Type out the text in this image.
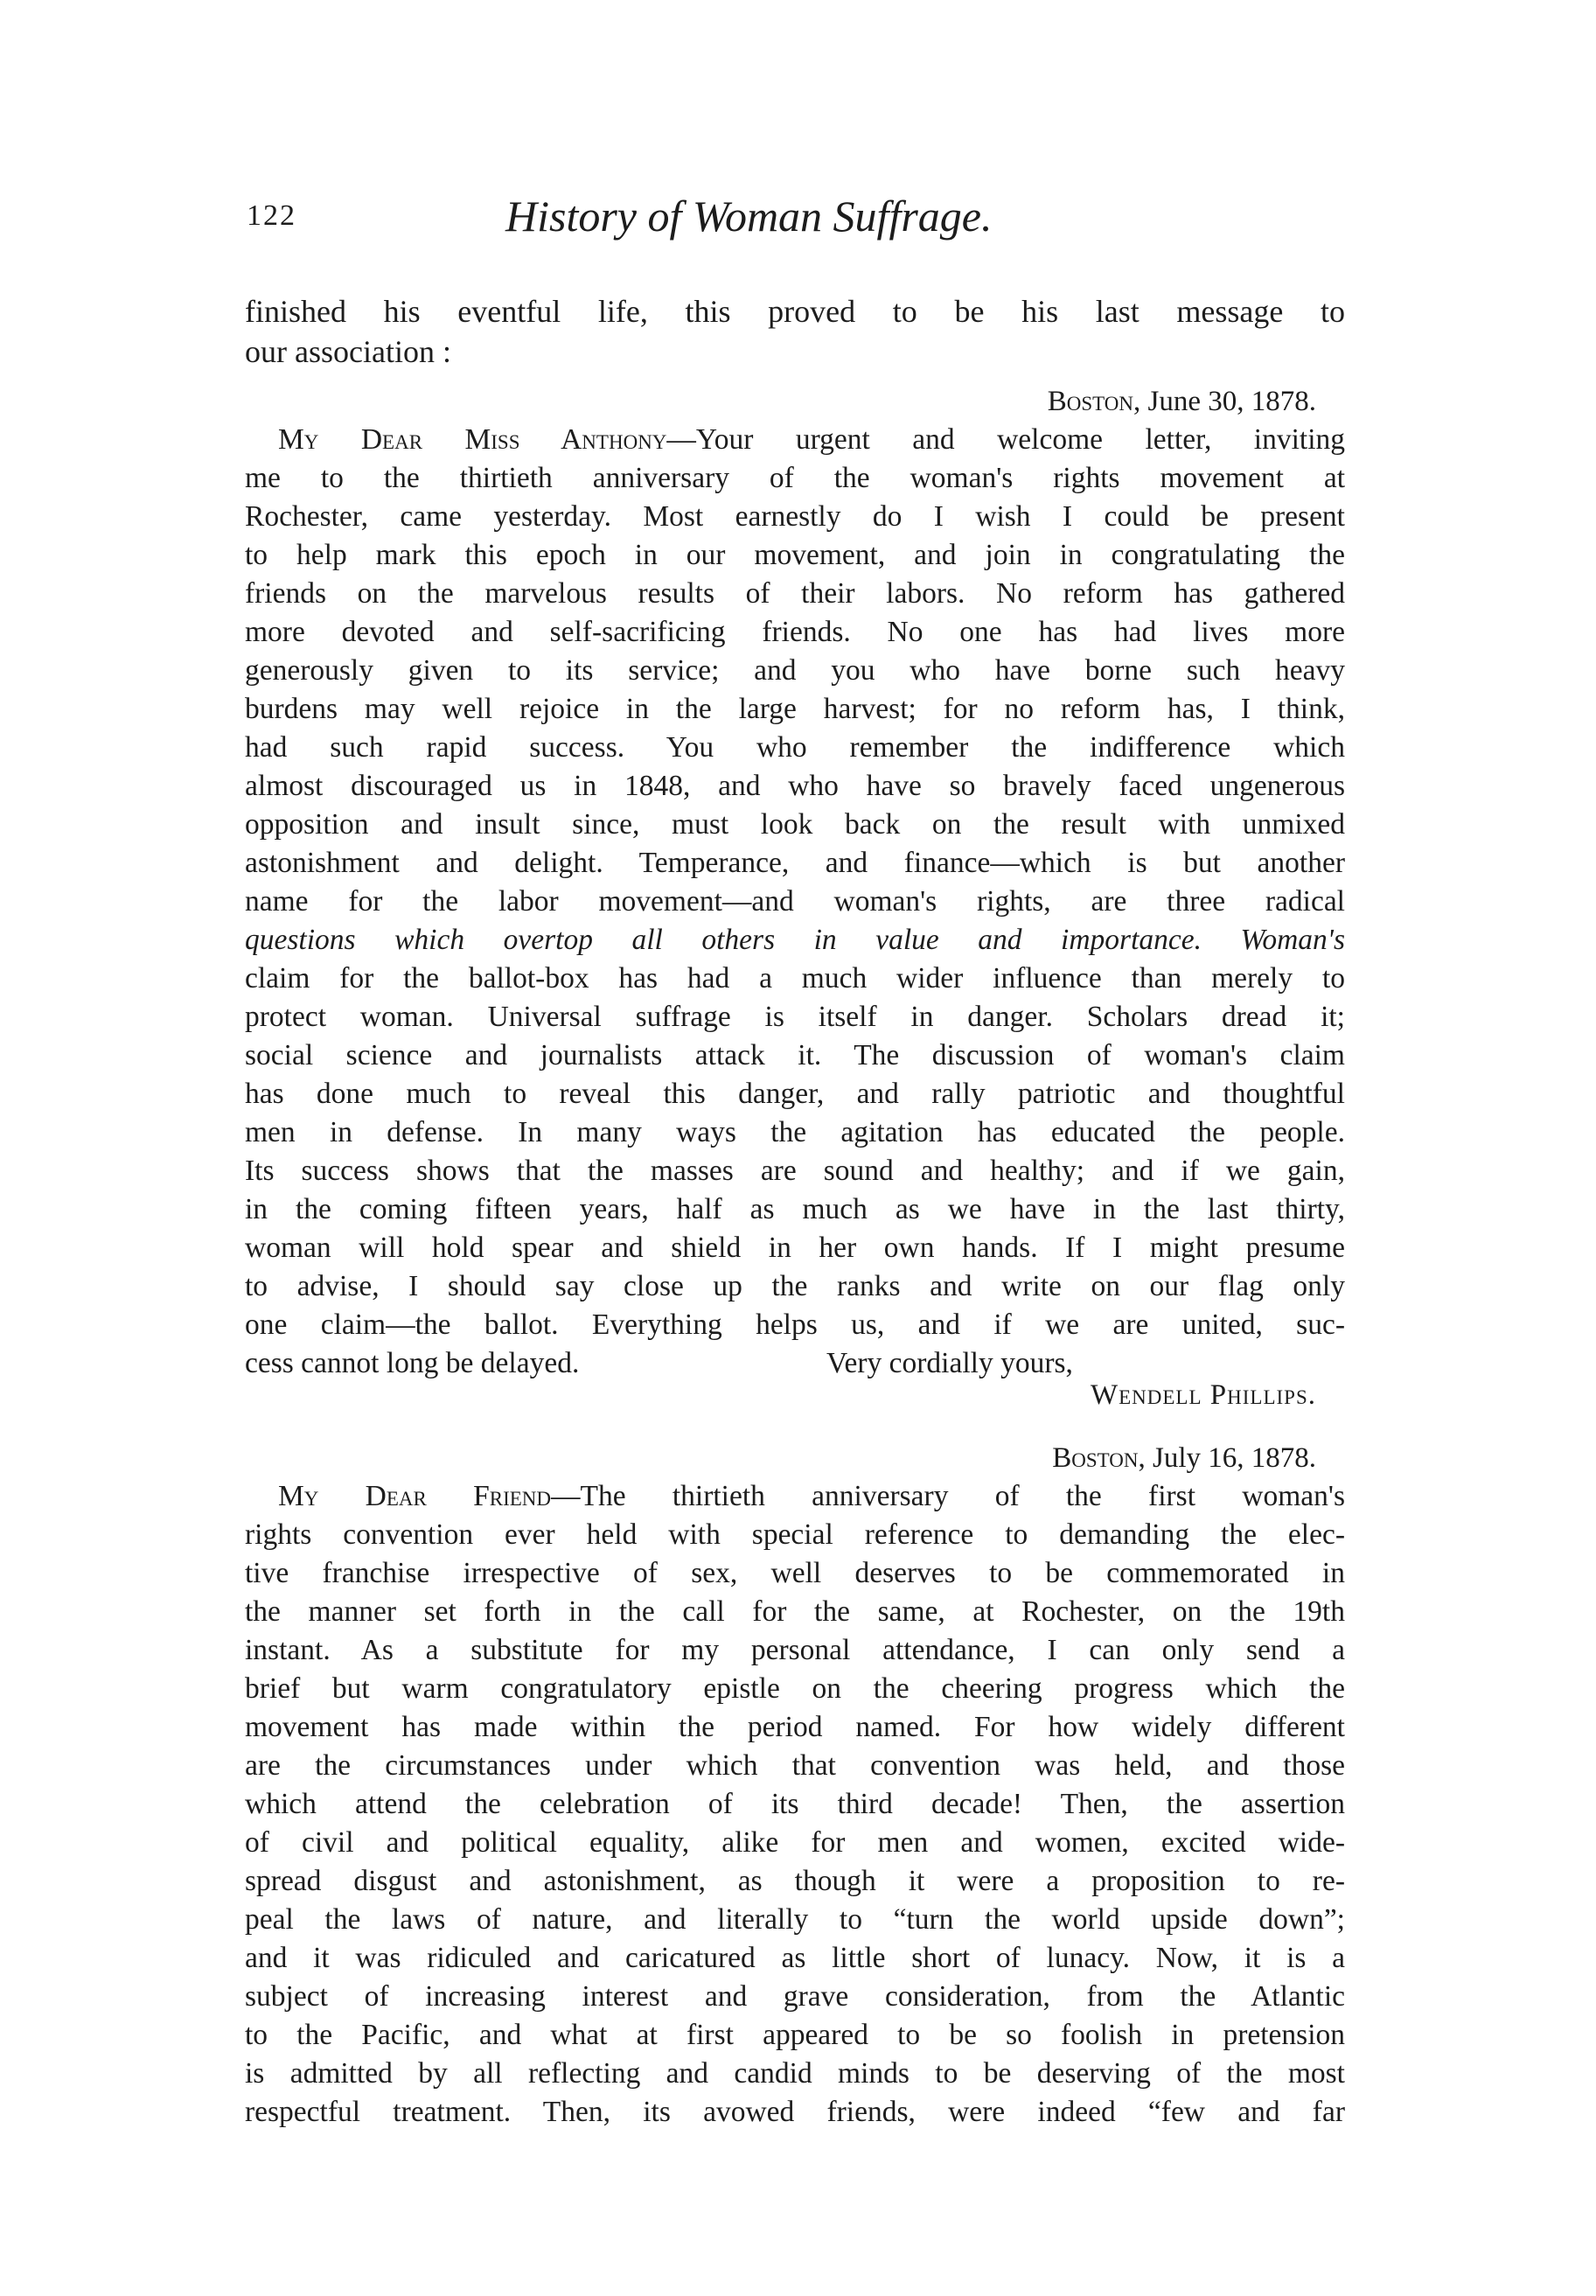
122	History of Woman Suffrage.
finished his eventful life, this proved to be his last message to
our association :
Boston, June 30, 1878.
My Dear Miss Anthony—Your urgent and welcome letter, inviting
me to the thirtieth anniversary of the woman's rights movement at
Rochester, came yesterday. Most earnestly do I wish I could be present
to help mark this epoch in our movement, and join in congratulating the
friends on the marvelous results of their labors. No reform has gathered
more devoted and self-sacrificing friends. No one has had lives more
generously given to its service; and you who have borne such heavy
burdens may well rejoice in the large harvest; for no reform has, I think,
had such rapid success. You who remember the indifference which
almost discouraged us in 1848, and who have so bravely faced ungenerous
opposition and insult since, must look back on the result with unmixed
astonishment and delight. Temperance, and finance—which is but another
name for the labor movement—and woman's rights, are three radical
questions which overtop all others in value and importance. Woman's
claim for the ballot-box has had a much wider influence than merely to
protect woman. Universal suffrage is itself in danger. Scholars dread it;
social science and journalists attack it. The discussion of woman's claim
has done much to reveal this danger, and rally patriotic and thoughtful
men in defense. In many ways the agitation has educated the people.
Its success shows that the masses are sound and healthy; and if we gain,
in the coming fifteen years, half as much as we have in the last thirty,
woman will hold spear and shield in her own hands. If I might presume
to advise, I should say close up the ranks and write on our flag only
one claim—the ballot. Everything helps us, and if we are united, suc-
cess cannot long be delayed.	Very cordially yours,
Wendell Phillips.
Boston, July 16, 1878.
My Dear Friend—The thirtieth anniversary of the first woman's
rights convention ever held with special reference to demanding the elec-
tive franchise irrespective of sex, well deserves to be commemorated in
the manner set forth in the call for the same, at Rochester, on the 19th
instant. As a substitute for my personal attendance, I can only send a
brief but warm congratulatory epistle on the cheering progress which the
movement has made within the period named. For how widely different
are the circumstances under which that convention was held, and those
which attend the celebration of its third decade! Then, the assertion
of civil and political equality, alike for men and women, excited wide-
spread disgust and astonishment, as though it were a proposition to re-
peal the laws of nature, and literally to “turn the world upside down”;
and it was ridiculed and caricatured as little short of lunacy. Now, it is a
subject of increasing interest and grave consideration, from the Atlantic
to the Pacific, and what at first appeared to be so foolish in pretension
is admitted by all reflecting and candid minds to be deserving of the most
respectful treatment. Then, its avowed friends, were indeed “few and far
